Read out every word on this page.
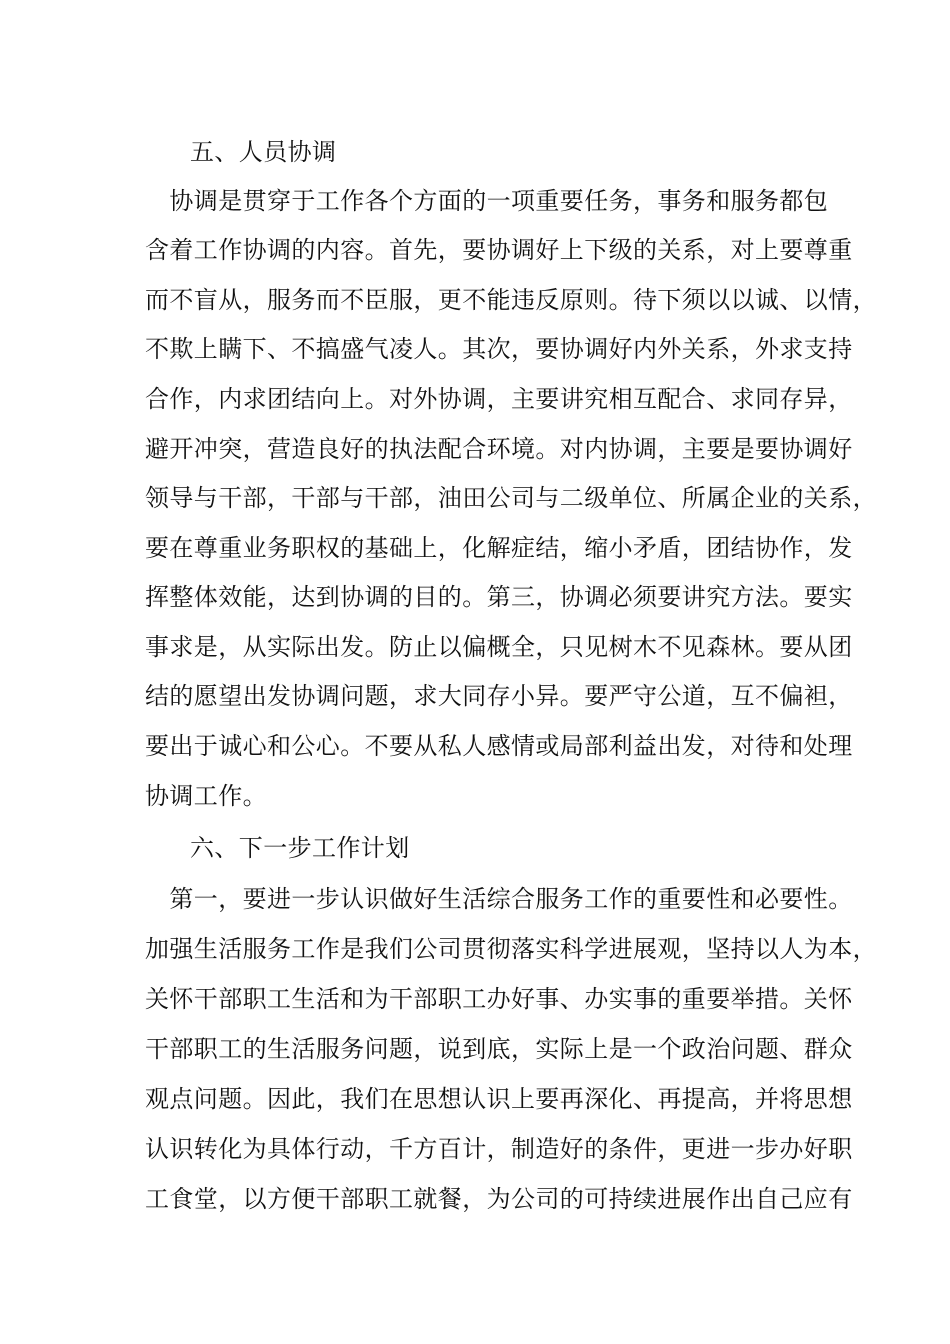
五、人员协调
　协调是贯穿于工作各个方面的一项重要任务，事务和服务都包
含着工作协调的内容。首先，要协调好上下级的关系，对上要尊重
而不盲从，服务而不臣服，更不能违反原则。待下须以以诚、以情，
不欺上瞒下、不搞盛气凌人。其次，要协调好内外关系，外求支持
合作，内求团结向上。对外协调，主要讲究相互配合、求同存异，
避开冲突，营造良好的执法配合环境。对内协调，主要是要协调好
领导与干部，干部与干部，油田公司与二级单位、所属企业的关系，
要在尊重业务职权的基础上，化解症结，缩小矛盾，团结协作，发
挥整体效能，达到协调的目的。第三，协调必须要讲究方法。要实
事求是，从实际出发。防止以偏概全，只见树木不见森林。要从团
结的愿望出发协调问题，求大同存小异。要严守公道，互不偏袒，
要出于诚心和公心。不要从私人感情或局部利益出发，对待和处理
协调工作。
六、下一步工作计划
　第一，要进一步认识做好生活综合服务工作的重要性和必要性。
加强生活服务工作是我们公司贯彻落实科学进展观，坚持以人为本，
关怀干部职工生活和为干部职工办好事、办实事的重要举措。关怀
干部职工的生活服务问题，说到底，实际上是一个政治问题、群众
观点问题。因此，我们在思想认识上要再深化、再提高，并将思想
认识转化为具体行动，千方百计，制造好的条件，更进一步办好职
工食堂，以方便干部职工就餐，为公司的可持续进展作出自己应有
